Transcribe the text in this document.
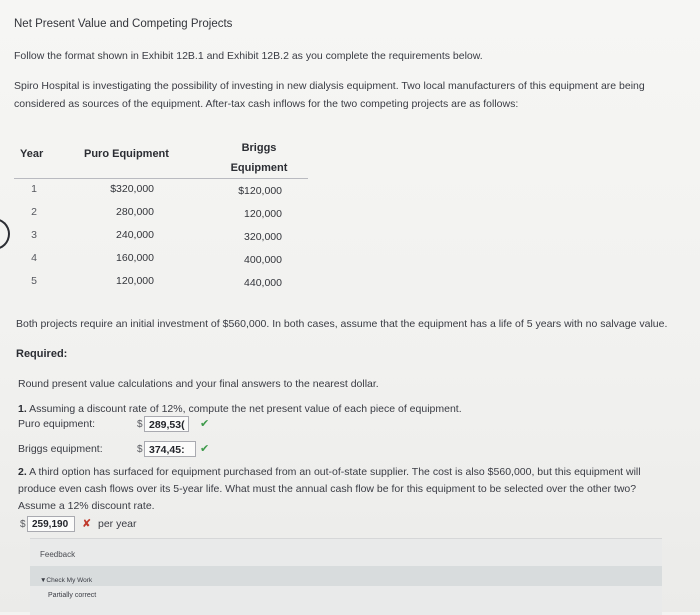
Net Present Value and Competing Projects
Follow the format shown in Exhibit 12B.1 and Exhibit 12B.2 as you complete the requirements below.
Spiro Hospital is investigating the possibility of investing in new dialysis equipment. Two local manufacturers of this equipment are being considered as sources of the equipment. After-tax cash inflows for the two competing projects are as follows:
Year	Puro Equipment	Briggs Equipment
1	$320,000	$120,000
2	280,000	120,000
3	240,000	320,000
4	160,000	400,000
5	120,000	440,000
Both projects require an initial investment of $560,000. In both cases, assume that the equipment has a life of 5 years with no salvage value.
Required:
Round present value calculations and your final answers to the nearest dollar.
1. Assuming a discount rate of 12%, compute the net present value of each piece of equipment.
Puro equipment:	$ 289,53(	✔
Briggs equipment:	$ 374,45:	✔
2. A third option has surfaced for equipment purchased from an out-of-state supplier. The cost is also $560,000, but this equipment will produce even cash flows over its 5-year life. What must the annual cash flow be for this equipment to be selected over the other two? Assume a 12% discount rate.
$ 259,190	✘ per year
Feedback
▼Check My Work
Partially correct
